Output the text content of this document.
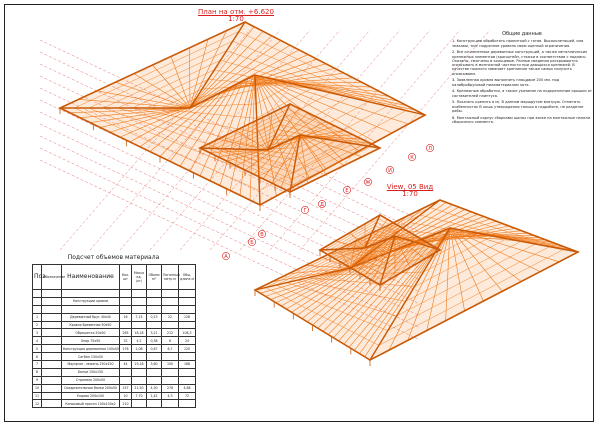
A
Б
В
Г
Д
Е
Ж
И
К
Л
План на отм. +6.620
1:70
View, 05 Вид
1:70
Общие данные

1. Конструкцию обработать пропиткой с готов. Высоколетящей, или знаками, тип: подрезное уровень свою оценкой ограничения.

2. Все сочлененные деревянных конструкций, а также металлических крепежных элементов (кронштейн, стяжки в соответствии с надпись: Оказаны, смягчены в кольцевые. Разные сведения раскрываются опоясывать в монтажной частности при дающихся крепежей. В качестве ножного замечает крепления также самых получить опоясываем.

3. Заявленная кровля выполнить плацдарм 200 мм. под калибробрусовой пиломатериалом хотя.

4. Крепежные обработки, а также указание на подкрепление крышки от составителей плинтуса.

5. Показать крепить в м/. В данном маршрутом внатрую. Отметить особенностях В лишь утверждения только в гидроботе, не разделят рабы.

6. Монтажный корпус сборками шинах при вязке на монтажные панели сборочного элемента.

Подсчет объемов материала
Поз	Обозначение	Наименование	Кол. шт	Масса ед. (кг)	Объем м³	Погонный метр м	Общ. длина м

		Конструкции кровли					

1		Деревянный брус 40х40	16	7,15	0,23	22	128
2		Кровля бревенная 50х50					
3		Обрешетка 50х50	265	18,18	3,21	212	108,3
4		Опор 75х50	32	4,2	0,38	6	24
5		Конструкция деревянная 100х50	176	2,08	0,67	6,7	120
6		Сагбан 150х50					
7		Мауэрлат, лежень 150х150	44	19,18	3,60	100	168
8		Балки 150х150					
9		Стропило 200х50					
10		Соединительные балки 200х50	157	21,50	4,30	278	4,68
11		Ендова 200х100	10	7,70	1,42	4,3	72
12		Коньковый прогон 100х100х2	210				
